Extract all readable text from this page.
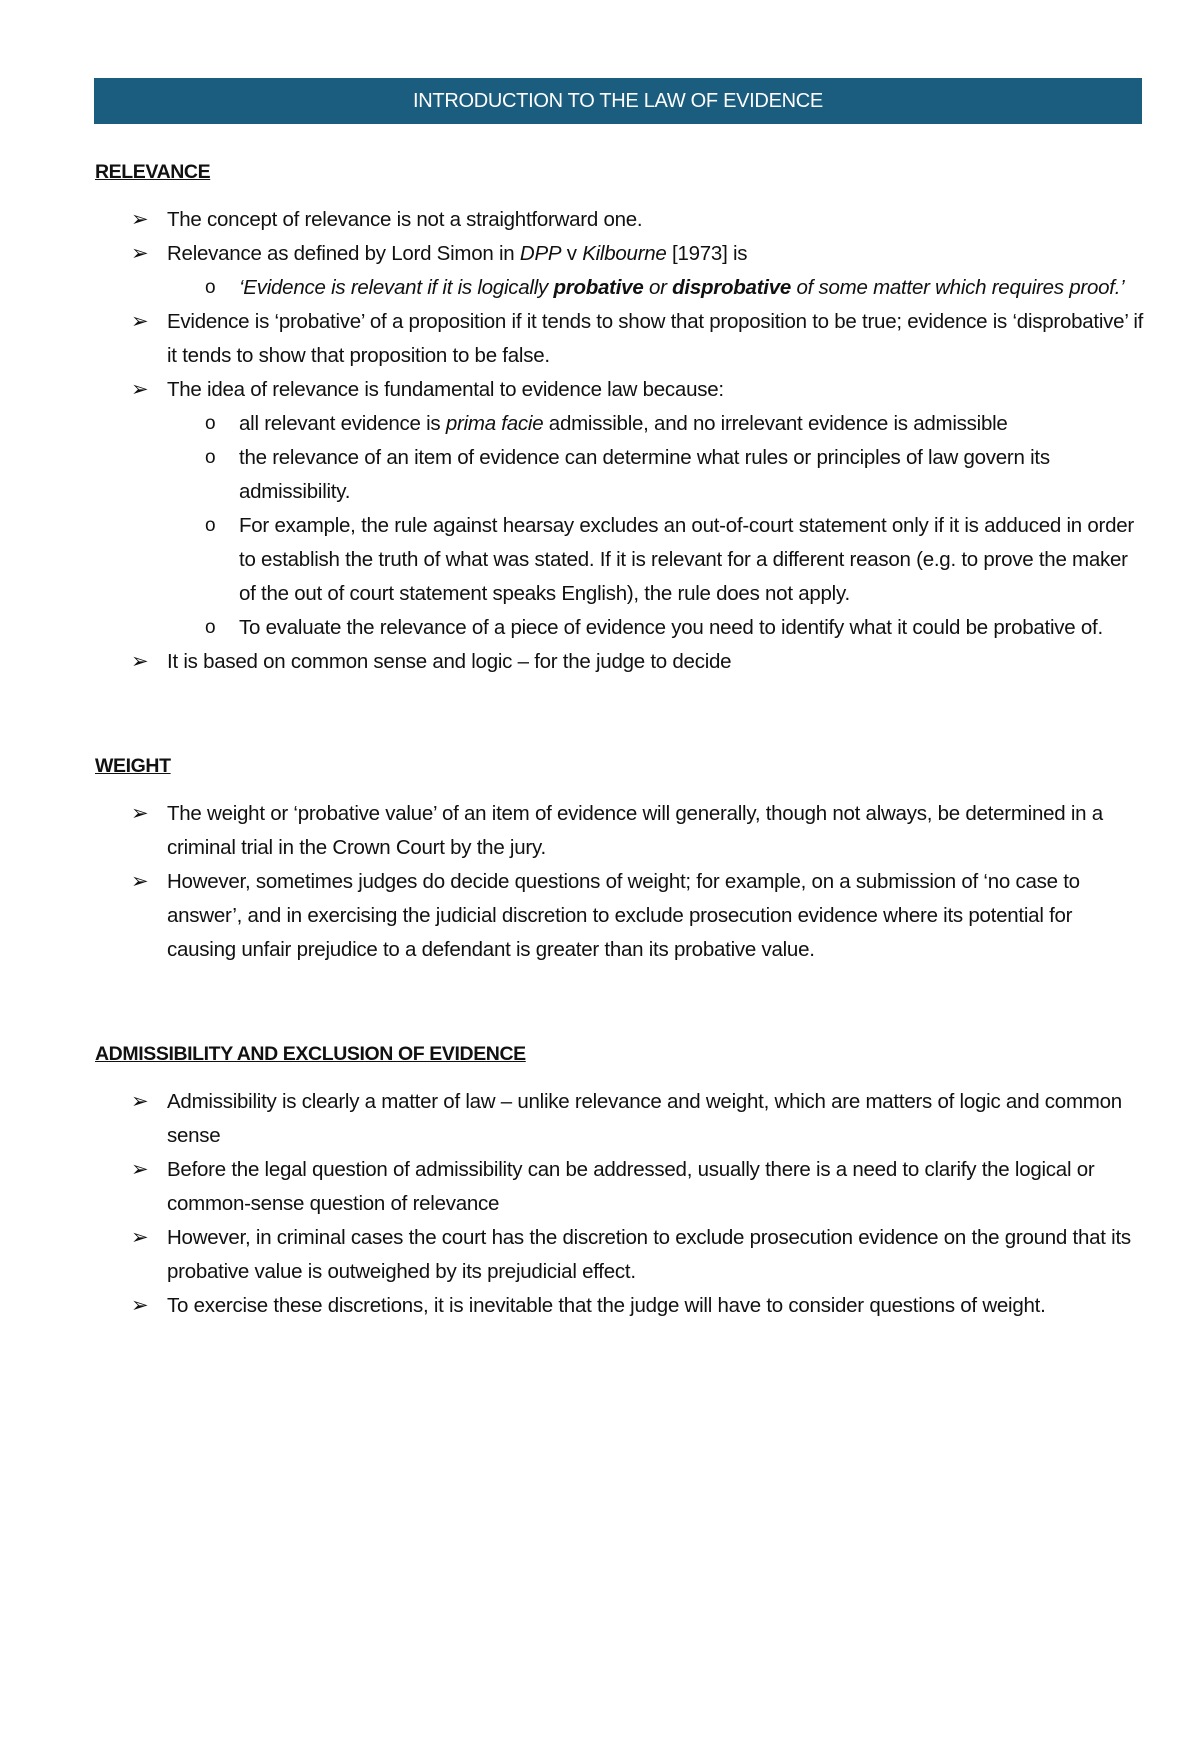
INTRODUCTION TO THE LAW OF EVIDENCE
RELEVANCE
➢ The concept of relevance is not a straightforward one.
➢ Relevance as defined by Lord Simon in DPP v Kilbourne [1973] is
o ‘Evidence is relevant if it is logically probative or disprobative of some matter which requires proof.’
➢ Evidence is ‘probative’ of a proposition if it tends to show that proposition to be true; evidence is ‘disprobative’ if it tends to show that proposition to be false.
➢ The idea of relevance is fundamental to evidence law because:
o all relevant evidence is prima facie admissible, and no irrelevant evidence is admissible
o the relevance of an item of evidence can determine what rules or principles of law govern its admissibility.
o For example, the rule against hearsay excludes an out-of-court statement only if it is adduced in order to establish the truth of what was stated. If it is relevant for a different reason (e.g. to prove the maker of the out of court statement speaks English), the rule does not apply.
o To evaluate the relevance of a piece of evidence you need to identify what it could be probative of.
➢ It is based on common sense and logic – for the judge to decide
WEIGHT
➢ The weight or ‘probative value’ of an item of evidence will generally, though not always, be determined in a criminal trial in the Crown Court by the jury.
➢ However, sometimes judges do decide questions of weight; for example, on a submission of ‘no case to answer’, and in exercising the judicial discretion to exclude prosecution evidence where its potential for causing unfair prejudice to a defendant is greater than its probative value.
ADMISSIBILITY AND EXCLUSION OF EVIDENCE
➢ Admissibility is clearly a matter of law – unlike relevance and weight, which are matters of logic and common sense
➢ Before the legal question of admissibility can be addressed, usually there is a need to clarify the logical or common-sense question of relevance
➢ However, in criminal cases the court has the discretion to exclude prosecution evidence on the ground that its probative value is outweighed by its prejudicial effect.
➢ To exercise these discretions, it is inevitable that the judge will have to consider questions of weight.
